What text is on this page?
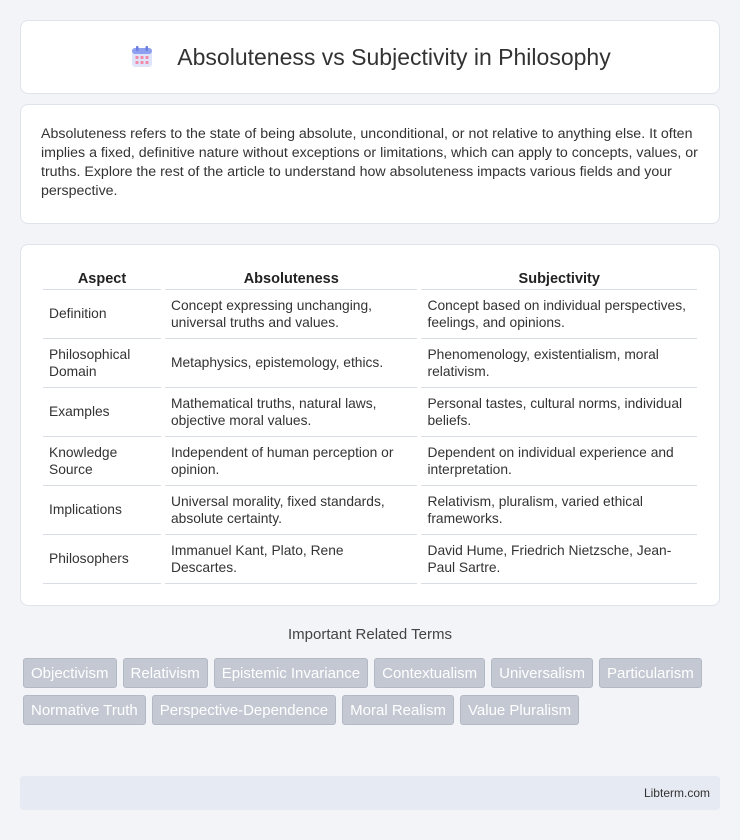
Absoluteness vs Subjectivity in Philosophy

Absoluteness refers to the state of being absolute, unconditional, or not relative to anything else. It often implies a fixed, definitive nature without exceptions or limitations, which can apply to concepts, values, or truths. Explore the rest of the article to understand how absoluteness impacts various fields and your perspective.

Aspect	Absoluteness	Subjectivity
Definition	Concept expressing unchanging, universal truths and values.	Concept based on individual perspectives, feelings, and opinions.
Philosophical Domain	Metaphysics, epistemology, ethics.	Phenomenology, existentialism, moral relativism.
Examples	Mathematical truths, natural laws, objective moral values.	Personal tastes, cultural norms, individual beliefs.
Knowledge Source	Independent of human perception or opinion.	Dependent on individual experience and interpretation.
Implications	Universal morality, fixed standards, absolute certainty.	Relativism, pluralism, varied ethical frameworks.
Philosophers	Immanuel Kant, Plato, Rene Descartes.	David Hume, Friedrich Nietzsche, Jean-Paul Sartre.
Important Related Terms
Objectivism	Relativism	Epistemic Invariance	Contextualism	Universalism	Particularism
Normative Truth	Perspective-Dependence	Moral Realism	Value Pluralism
Libterm.com
